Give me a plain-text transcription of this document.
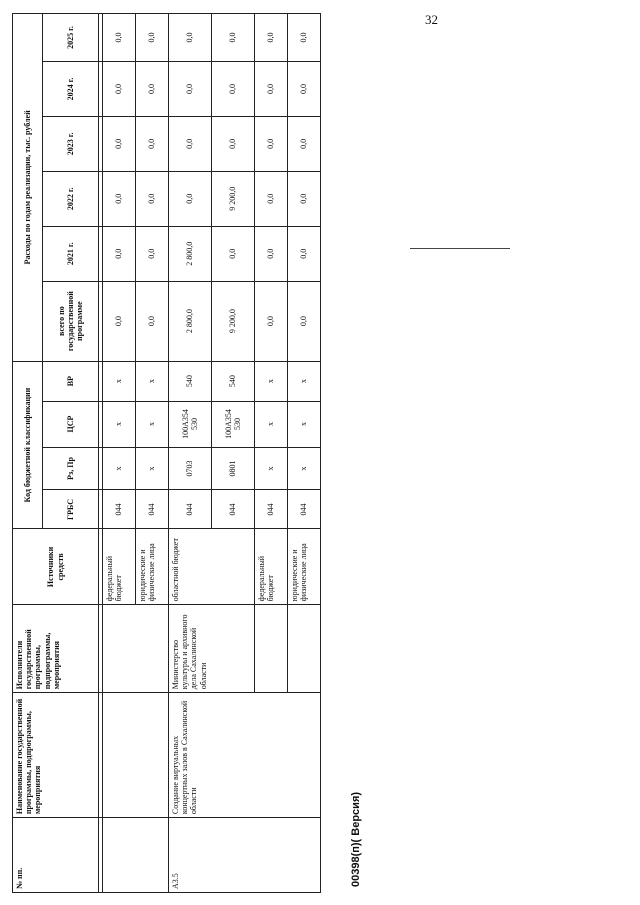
32
№ пп.	Наименование государственной программы, подпрограммы, мероприятия	Исполнители государственной программы, подпрограммы, мероприятия	Источники средств	Код бюджетной классификации				Расходы по годам реализации, тыс. рублей					
				ГРБС	Рз, Пр	ЦСР	ВР	всего по государственной программе	2021 г.	2022 г.	2023 г.	2024 г.	2025 г.

			федеральный бюджет	044	x	x	x	0,0	0,0	0,0	0,0	0,0	0,0
			юридические и физические лица	044	x	x	x	0,0	0,0	0,0	0,0	0,0	0,0
А3.5	Создание виртуальных концертных залов в Сахалинской области	Министерство культуры и архивного дела Сахалинской области	областной бюджет	044	0703	100А354 530	540	2 800,0	2 800,0	0,0	0,0	0,0	0,0
				044	0801	100А354 530	540	9 200,0	0,0	9 200,0	0,0	0,0	0,0
			федеральный бюджет	044	x	x	x	0,0	0,0	0,0	0,0	0,0	0,0
			юридические и физические лица	044	x	x	x	0,0	0,0	0,0	0,0	0,0	0,0
00398(п)( Версия)
